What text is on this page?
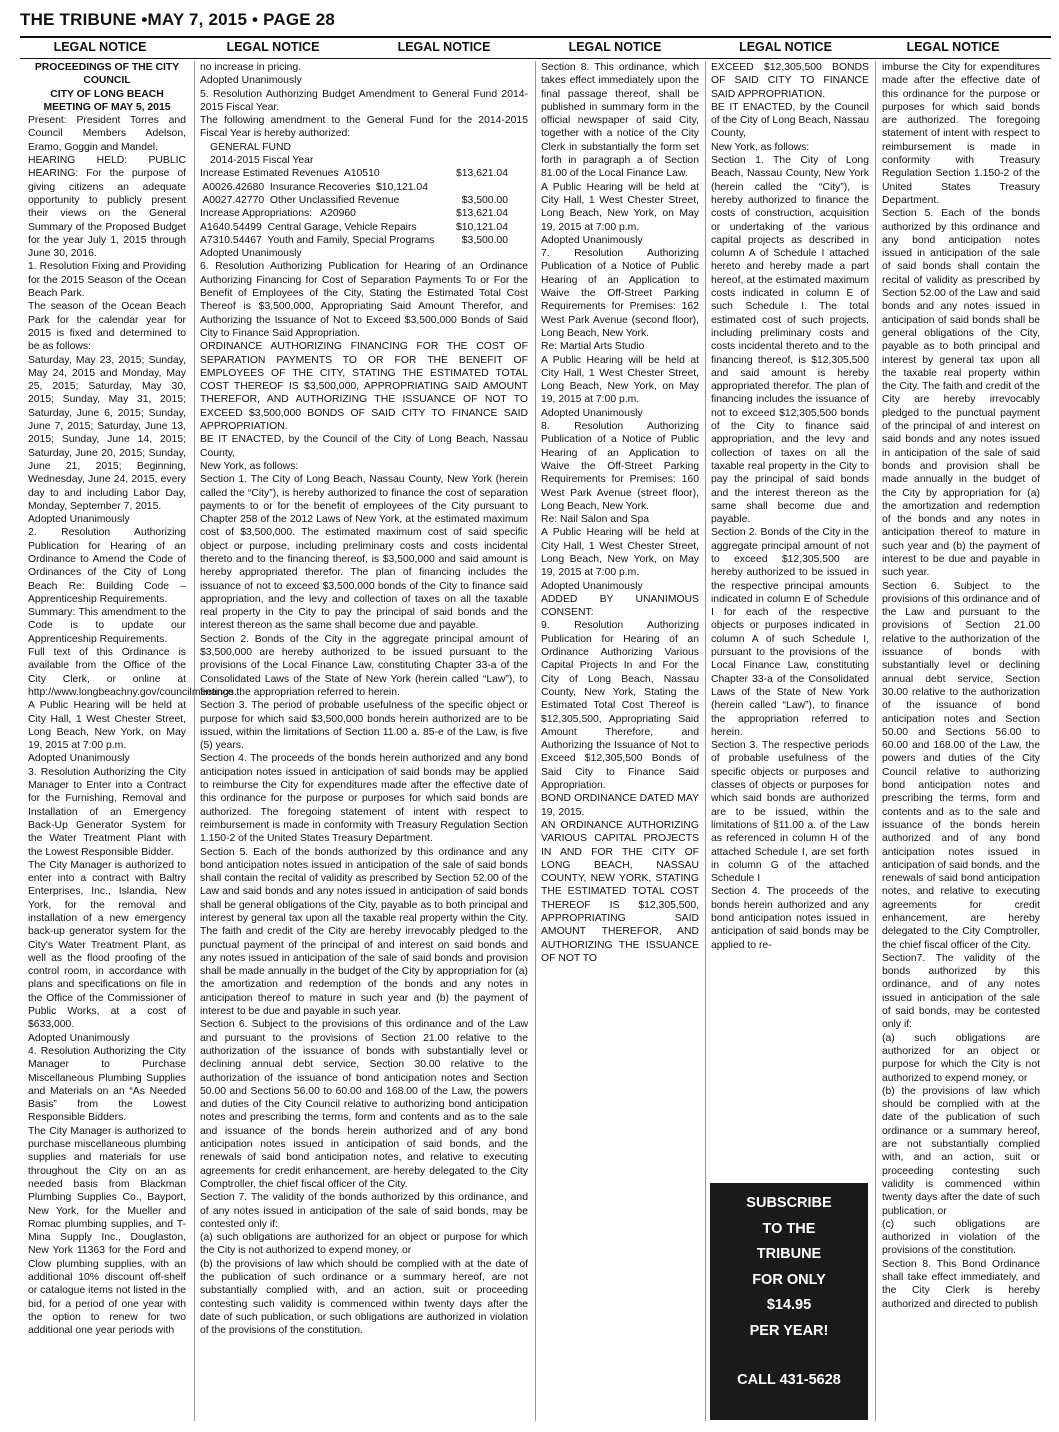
THE TRIBUNE •MAY 7, 2015 • PAGE 28
LEGAL NOTICE	LEGAL NOTICE	LEGAL NOTICE	LEGAL NOTICE	LEGAL NOTICE	LEGAL NOTICE

PROCEEDINGS OF THE CITY COUNCIL

CITY OF LONG BEACH

MEETING OF MAY 5, 2015

Present: President Torres and Council Members Adelson, Eramo, Goggin and Mandel.

HEARING HELD: PUBLIC HEARING: For the purpose of giving citizens an adequate opportunity to publicly present their views on the General Summary of the Proposed Budget for the year July 1, 2015 through June 30, 2016.

1. Resolution Fixing and Providing for the 2015 Season of the Ocean Beach Park.

The season of the Ocean Beach Park for the calendar year for 2015 is fixed and determined to be as follows:

Saturday, May 23, 2015; Sunday, May 24, 2015 and Monday, May 25, 2015; Saturday, May 30, 2015; Sunday, May 31, 2015; Saturday, June 6, 2015; Sunday, June 7, 2015; Saturday, June 13, 2015; Sunday, June 14, 2015; Saturday, June 20, 2015; Sunday, June 21, 2015; Beginning, Wednesday, June 24, 2015, every day to and including Labor Day, Monday, September 7, 2015.

Adopted Unanimously

2. Resolution Authorizing Publication for Hearing of an Ordinance to Amend the Code of Ordinances of the City of Long Beach Re: Building Code – Apprenticeship Requirements.

Summary: This amendment to the Code is to update our Apprenticeship Requirements.

Full text of this Ordinance is available from the Office of the City Clerk, or online at http://www.longbeachny.gov/councilmeetings.

A Public Hearing will be held at City Hall, 1 West Chester Street, Long Beach, New York, on May 19, 2015 at 7:00 p.m.

Adopted Unanimously

3. Resolution Authorizing the City Manager to Enter into a Contract for the Furnishing, Removal and Installation of an Emergency Back-Up Generator System for the Water Treatment Plant with the Lowest Responsible Bidder.

The City Manager is authorized to enter into a contract with Baltry Enterprises, Inc., Islandia, New York, for the removal and installation of a new emergency back-up generator system for the City's Water Treatment Plant, as well as the flood proofing of the control room, in accordance with plans and specifications on file in the Office of the Commissioner of Public Works, at a cost of $633,000.

Adopted Unanimously

4. Resolution Authorizing the City Manager to Purchase Miscellaneous Plumbing Supplies and Materials on an “As Needed Basis” from the Lowest Responsible Bidders.

The City Manager is authorized to purchase miscellaneous plumbing supplies and materials for use throughout the City on an as needed basis from Blackman Plumbing Supplies Co., Bayport, New York, for the Mueller and Romac plumbing supplies, and T-Mina Supply Inc., Douglaston, New York 11363 for the Ford and Clow plumbing supplies, with an additional 10% discount off-shelf or catalogue items not listed in the bid, for a period of one year with the option to renew for two additional one year periods with

no increase in pricing.

Adopted Unanimously

5. Resolution Authorizing Budget Amendment to General Fund 2014-2015 Fiscal Year.

The following amendment to the General Fund for the 2014-2015 Fiscal Year is hereby authorized:

GENERAL FUND

2014-2015 Fiscal Year

Increase Estimated Revenues  A10510	$13,621.04
A0026.42680  Insurance Recoveries $10,121.04
A0027.42770  Other Unclassified Revenue	$3,500.00
Increase Appropriations:   A20960	$13,621.04
A1640.54499  Central Garage, Vehicle Repairs	$10,121.04
A7310.54467  Youth and Family, Special Programs	$3,500.00

Adopted Unanimously

6. Resolution Authorizing Publication for Hearing of an Ordinance Authorizing Financing for Cost of Separation Payments To or For the Benefit of Employees of the City, Stating the Estimated Total Cost Thereof is $3,500,000, Appropriating Said Amount Therefor, and Authorizing the Issuance of Not to Exceed $3,500,000 Bonds of Said City to Finance Said Appropriation.

ORDINANCE AUTHORIZING FINANCING FOR THE COST OF SEPARATION PAYMENTS TO OR FOR THE BENEFIT OF EMPLOYEES OF THE CITY, STATING THE ESTIMATED TOTAL COST THEREOF IS $3,500,000, APPROPRIATING SAID AMOUNT THEREFOR, AND AUTHORIZING THE ISSUANCE OF NOT TO EXCEED $3,500,000 BONDS OF SAID CITY TO FINANCE SAID APPROPRIATION.

BE IT ENACTED, by the Council of the City of Long Beach, Nassau County,

New York, as follows:

Section 1. The City of Long Beach, Nassau County, New York (herein called the “City”), is hereby authorized to finance the cost of separation payments to or for the benefit of employees of the City pursuant to Chapter 258 of the 2012 Laws of New York, at the estimated maximum cost of $3,500,000. The estimated maximum cost of said specific object or purpose, including preliminary costs and costs incidental thereto and to the financing thereof, is $3,500,000 and said amount is hereby appropriated therefor. The plan of financing includes the issuance of not to exceed $3,500,000 bonds of the City to finance said appropriation, and the levy and collection of taxes on all the taxable real property in the City to pay the principal of said bonds and the interest thereon as the same shall become due and payable.

Section 2. Bonds of the City in the aggregate principal amount of $3,500,000 are hereby authorized to be issued pursuant to the provisions of the Local Finance Law, constituting Chapter 33-a of the Consolidated Laws of the State of New York (herein called “Law”), to finance the appropriation referred to herein.

Section 3. The period of probable usefulness of the specific object or purpose for which said $3,500,000 bonds herein authorized are to be issued, within the limitations of Section 11.00 a. 85-e of the Law, is five (5) years.

Section 4. The proceeds of the bonds herein authorized and any bond anticipation notes issued in anticipation of said bonds may be applied to reimburse the City for expenditures made after the effective date of this ordinance for the purpose or purposes for which said bonds are authorized. The foregoing statement of intent with respect to reimbursement is made in conformity with Treasury Regulation Section 1.150-2 of the United States Treasury Department.

Section 5. Each of the bonds authorized by this ordinance and any bond anticipation notes issued in anticipation of the sale of said bonds shall contain the recital of validity as prescribed by Section 52.00 of the Law and said bonds and any notes issued in anticipation of said bonds shall be general obligations of the City, payable as to both principal and interest by general tax upon all the taxable real property within the City. The faith and credit of the City are hereby irrevocably pledged to the punctual payment of the principal of and interest on said bonds and any notes issued in anticipation of the sale of said bonds and provision shall be made annually in the budget of the City by appropriation for (a) the amortization and redemption of the bonds and any notes in anticipation thereof to mature in such year and (b) the payment of interest to be due and payable in such year.

Section 6. Subject to the provisions of this ordinance and of the Law and pursuant to the provisions of Section 21.00 relative to the authorization of the issuance of bonds with substantially level or declining annual debt service, Section 30.00 relative to the authorization of the issuance of bond anticipation notes and Section 50.00 and Sections 56.00 to 60.00 and 168.00 of the Law, the powers and duties of the City Council relative to authorizing bond anticipation notes and prescribing the terms, form and contents and as to the sale and issuance of the bonds herein authorized and of any bond anticipation notes issued in anticipation of said bonds, and the renewals of said bond anticipation notes, and relative to executing agreements for credit enhancement, are hereby delegated to the City Comptroller, the chief fiscal officer of the City.

Section 7. The validity of the bonds authorized by this ordinance, and of any notes issued in anticipation of the sale of said bonds, may be contested only if:

(a) such obligations are authorized for an object or purpose for which the City is not authorized to expend money, or

(b) the provisions of law which should be complied with at the date of the publication of such ordinance or a summary hereof, are not substantially complied with, and an action, suit or proceeding contesting such validity is commenced within twenty days after the date of such publication, or such obligations are authorized in violation of the provisions of the constitution.

Section 8. This ordinance, which takes effect immediately upon the final passage thereof, shall be published in summary form in the official newspaper of said City, together with a notice of the City Clerk in substantially the form set forth in paragraph a of Section 81.00 of the Local Finance Law.

A Public Hearing will be held at City Hall, 1 West Chester Street, Long Beach, New York, on May 19, 2015 at 7:00 p.m.

Adopted Unanimously

7. Resolution Authorizing Publication of a Notice of Public Hearing of an Application to Waive the Off-Street Parking Requirements for Premises: 162 West Park Avenue (second floor), Long Beach, New York.

Re: Martial Arts Studio

A Public Hearing will be held at City Hall, 1 West Chester Street, Long Beach, New York, on May 19, 2015 at 7:00 p.m.

Adopted Unanimously

8. Resolution Authorizing Publication of a Notice of Public Hearing of an Application to Waive the Off-Street Parking Requirements for Premises: 160 West Park Avenue (street floor), Long Beach, New York.

Re: Nail Salon and Spa

A Public Hearing will be held at City Hall, 1 West Chester Street, Long Beach, New York, on May 19, 2015 at 7:00 p.m.

Adopted Unanimously

ADDED BY UNANIMOUS CONSENT:

9. Resolution Authorizing Publication for Hearing of an Ordinance Authorizing Various Capital Projects In and For the City of Long Beach, Nassau County, New York, Stating the Estimated Total Cost Thereof is $12,305,500, Appropriating Said Amount Therefore, and Authorizing the Issuance of Not to Exceed $12,305,500 Bonds of Said City to Finance Said Appropriation.

BOND ORDINANCE DATED MAY 19, 2015.

AN ORDINANCE AUTHORIZING VARIOUS CAPITAL PROJECTS IN AND FOR THE CITY OF LONG BEACH, NASSAU COUNTY, NEW YORK, STATING THE ESTIMATED TOTAL COST THEREOF IS $12,305,500, APPROPRIATING SAID AMOUNT THEREFOR, AND AUTHORIZING THE ISSUANCE OF NOT TO

EXCEED $12,305,500 BONDS OF SAID CITY TO FINANCE SAID APPROPRIATION.

BE IT ENACTED, by the Council of the City of Long Beach, Nassau County,

New York, as follows:

Section 1. The City of Long Beach, Nassau County, New York (herein called the “City”), is hereby authorized to finance the costs of construction, acquisition or undertaking of the various capital projects as described in column A of Schedule I attached hereto and hereby made a part hereof, at the estimated maximum costs indicated in column E of such Schedule I. The total estimated cost of such projects, including preliminary costs and costs incidental thereto and to the financing thereof, is $12,305,500 and said amount is hereby appropriated therefor. The plan of financing includes the issuance of not to exceed $12,305,500 bonds of the City to finance said appropriation, and the levy and collection of taxes on all the taxable real property in the City to pay the principal of said bonds and the interest thereon as the same shall become due and payable.

Section 2. Bonds of the City in the aggregate principal amount of not to exceed $12,305,500 are hereby authorized to be issued in the respective principal amounts indicated in column E of Schedule I for each of the respective objects or purposes indicated in column A of such Schedule I, pursuant to the provisions of the Local Finance Law, constituting Chapter 33-a of the Consolidated Laws of the State of New York (herein called “Law”), to finance the appropriation referred to herein.

Section 3. The respective periods of probable usefulness of the specific objects or purposes and classes of objects or purposes for which said bonds are authorized are to be issued, within the limitations of §11.00 a. of the Law as referenced in column H of the attached Schedule I, are set forth in column G of the attached Schedule I

Section 4. The proceeds of the bonds herein authorized and any bond anticipation notes issued in anticipation of said bonds may be applied to re-

SUBSCRIBE
TO THE
TRIBUNE
FOR ONLY
$14.95
PER YEAR!
CALL 431-5628

imburse the City for expenditures made after the effective date of this ordinance for the purpose or purposes for which said bonds are authorized. The foregoing statement of intent with respect to reimbursement is made in conformity with Treasury Regulation Section 1.150-2 of the United States Treasury Department.

Section 5. Each of the bonds authorized by this ordinance and any bond anticipation notes issued in anticipation of the sale of said bonds shall contain the recital of validity as prescribed by Section 52.00 of the Law and said bonds and any notes issued in anticipation of said bonds shall be general obligations of the City, payable as to both principal and interest by general tax upon all the taxable real property within the City. The faith and credit of the City are hereby irrevocably pledged to the punctual payment of the principal of and interest on said bonds and any notes issued in anticipation of the sale of said bonds and provision shall be made annually in the budget of the City by appropriation for (a) the amortization and redemption of the bonds and any notes in anticipation thereof to mature in such year and (b) the payment of interest to be due and payable in such year.

Section 6. Subject to the provisions of this ordinance and of the Law and pursuant to the provisions of Section 21.00 relative to the authorization of the issuance of bonds with substantially level or declining annual debt service, Section 30.00 relative to the authorization of the issuance of bond anticipation notes and Section 50.00 and Sections 56.00 to 60.00 and 168.00 of the Law, the powers and duties of the City Council relative to authorizing bond anticipation notes and prescribing the terms, form and contents and as to the sale and issuance of the bonds herein authorized and of any bond anticipation notes issued in anticipation of said bonds, and the renewals of said bond anticipation notes, and relative to executing agreements for credit enhancement, are hereby delegated to the City Comptroller, the chief fiscal officer of the City.

Section7. The validity of the bonds authorized by this ordinance, and of any notes issued in anticipation of the sale of said bonds, may be contested only if:

(a) such obligations are authorized for an object or purpose for which the City is not authorized to expend money, or

(b) the provisions of law which should be complied with at the date of the publication of such ordinance or a summary hereof, are not substantially complied with, and an action, suit or proceeding contesting such validity is commenced within twenty days after the date of such publication, or

(c) such obligations are authorized in violation of the provisions of the constitution.

Section 8. This Bond Ordinance shall take effect immediately, and the City Clerk is hereby authorized and directed to publish
